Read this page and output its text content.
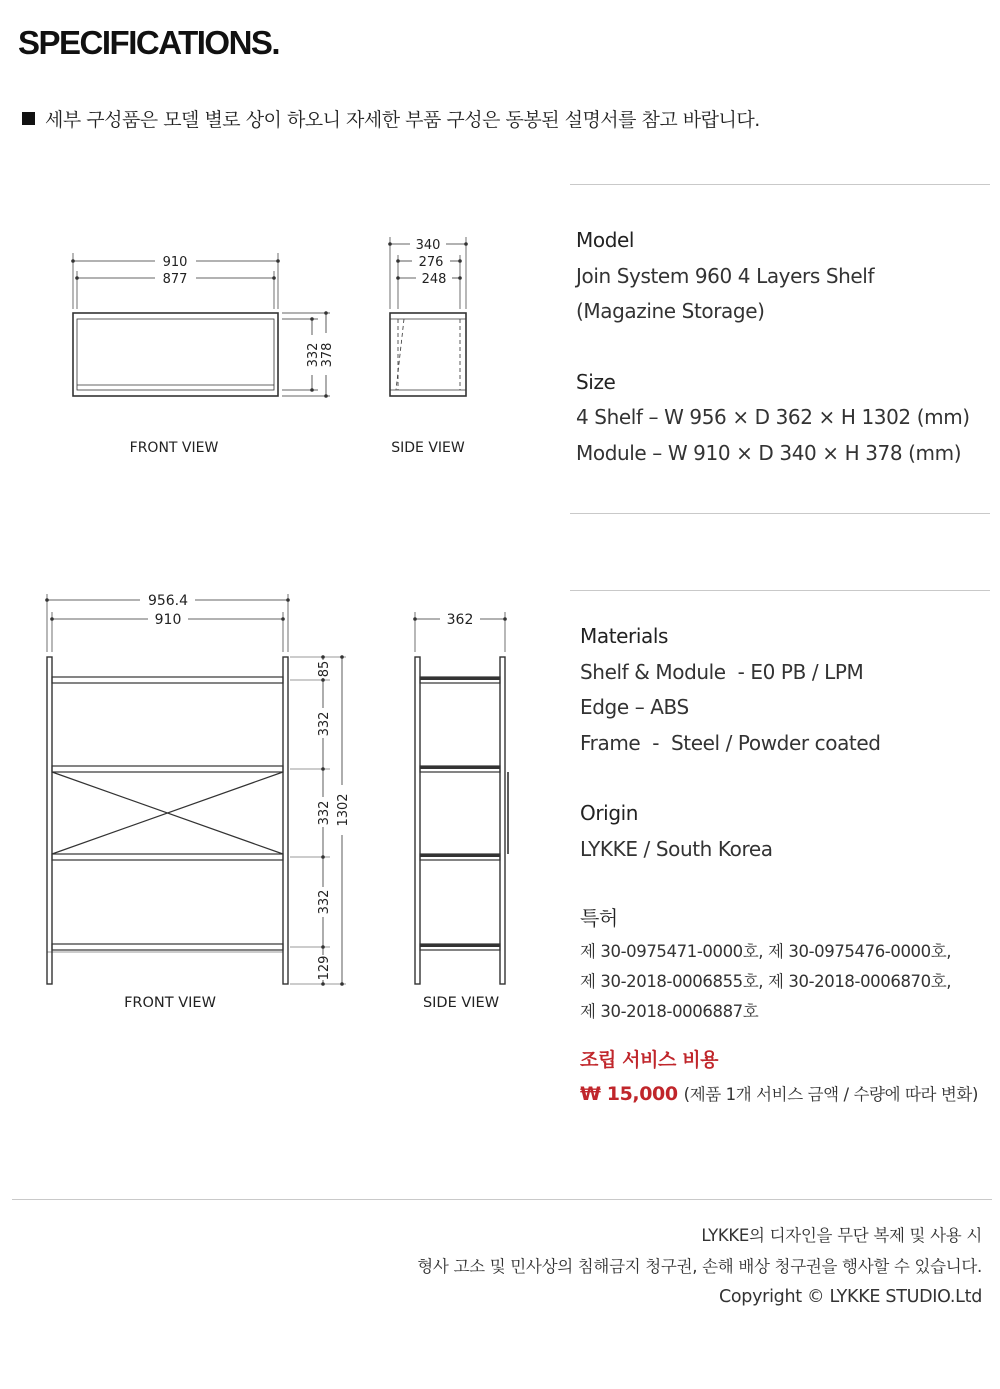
SPECIFICATIONS.
세부 구성품은 모델 별로 상이 하오니 자세한 부품 구성은 동봉된 설명서를 참고 바랍니다.
910
877
332 378
340
276
248
FRONT VIEW	SIDE VIEW
956.4
910
85
332
332
332
129
1302
362
FRONT VIEW	SIDE VIEW
Model
Join System 960 4 Layers Shelf
(Magazine Storage)
Size
4 Shelf – W 956 × D 362 × H 1302 (mm)
Module – W 910 × D 340 × H 378 (mm)
Materials
Shelf & Module  - E0 PB / LPM
Edge – ABS
Frame  -  Steel / Powder coated
Origin
LYKKE / South Korea
특허
제 30-0975471-0000호, 제 30-0975476-0000호,
제 30-2018-0006855호, 제 30-2018-0006870호,
제 30-2018-0006887호
조립 서비스 비용
₩ 15,000 (제품 1개 서비스 금액 / 수량에 따라 변화)
LYKKE의 디자인을 무단 복제 및 사용 시
형사 고소 및 민사상의 침해금지 청구권, 손해 배상 청구권을 행사할 수 있습니다.
Copyright © LYKKE STUDIO.Ltd
